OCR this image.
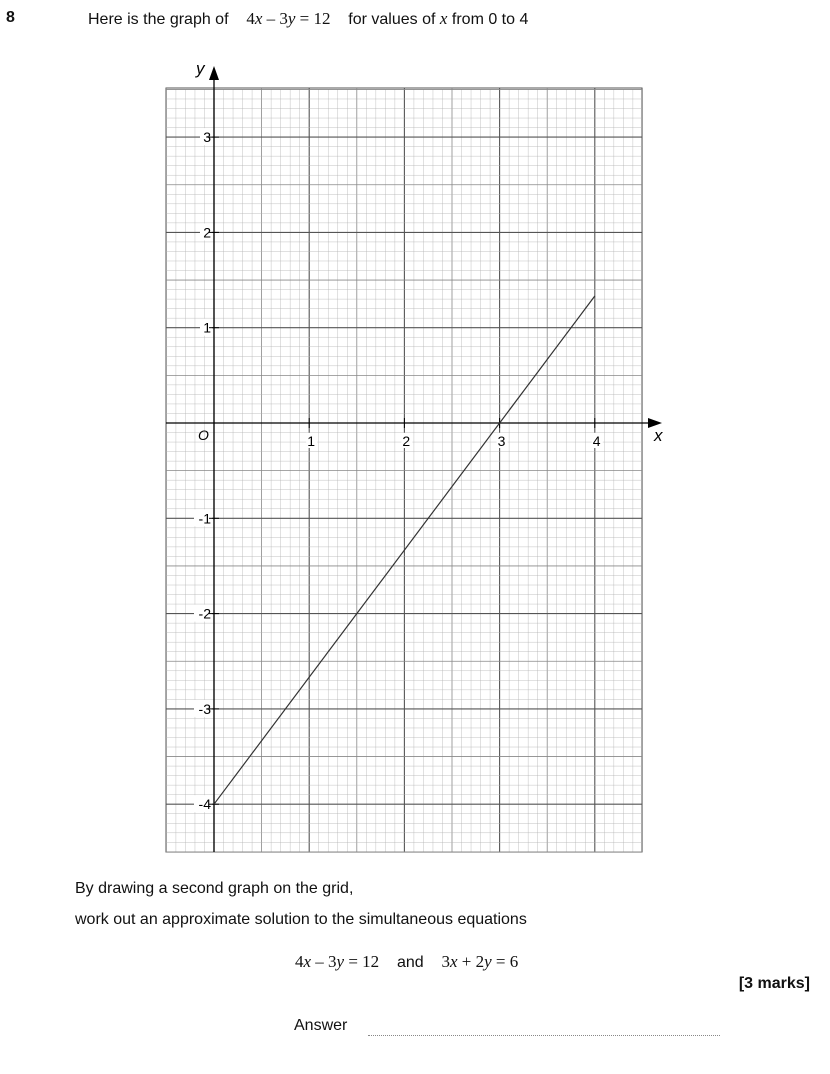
8	Here is the graph of 4x – 3y = 12 for values of x from 0 to 4
y
x
O	1	2	3	4
3
2
1
-1
-2
-3
-4
By drawing a second graph on the grid,
work out an approximate solution to the simultaneous equations
4x – 3y = 12 and 3x + 2y = 6
[3 marks]
Answer
